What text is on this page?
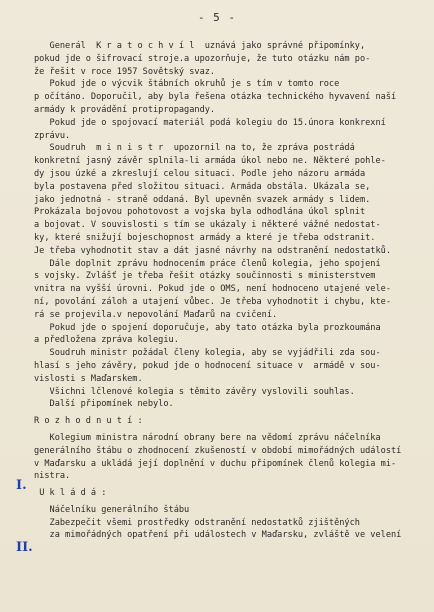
- 5 -
Generál  K r a t o c h v í l  uznává jako správné připomínky,
pokud jde o šifrovací stroje.a upozorňuje, že tuto otázku nám po-
že řešit v roce 1957 Sovětský svaz.
Pokud jde o výcvik štábních okruhů je s tím v tomto roce
p očítáno. Doporučil, aby byla řešena otázka technického hyvavení naší
armády k provádění protipropagandy.
Pokud jde o spojovací materiál podá kolegiu do 15.února konkrexní
zprávu.
Soudruh  m i n i s t r  upozornil na to, že zpráva postrádá
konkretní jasný závěr splnila-li armáda úkol nebo ne. Některé pohle-
dy jsou úzké a zkreslují celou situaci. Podle jeho názoru armáda
byla postavena před složitou situaci. Armáda obstála. Ukázala se,
jako jednotná - straně oddaná. Byl upevněn svazek armády s lidem.
Prokázala bojovou pohotovost a vojska byla odhodlána úkol splnit
a bojovat. V souvislosti s tím se ukázaly i některé vážné nedostat-
ky, které snižují bojeschopnost armády a které je třeba odstranit.
Je třeba vyhodnotit stav a dát jasné návrhy na odstranění nedostatků.
Dále doplnit zprávu hodnocením práce členů kolegia, jeho spojení
s vojsky. Zvlášť je třeba řešit otázky součinnosti s ministerstvem
vnitra na vyšší úrovni. Pokud jde o OMS, není hodnoceno utajené vele-
ní, povolání záloh a utajení vůbec. Je třeba vyhodnotit i chybu, kte-
rá se projevila.v nepovolání Maďarů na cvičení.
Pokud jde o spojení doporučuje, aby tato otázka byla prozkoumána
a předložena zpráva kolegiu.
Soudruh ministr požádal členy kolegia, aby se vyjádřili zda sou-
hlasí s jeho závěry, pokud jde o hodnocení situace v  armádě v sou-
vislosti s Maďarskem.
Všichni lčlenové kolegia s těmito závěry vyslovili souhlas.
Další připomínek nebylo.
R o z h o d n u t í :
Kolegium ministra národní obrany bere na vědomí zprávu náčelníka
generálního štábu o zhodnocení zkušeností v období mimořádných událostí
v Maďarsku a ukládá její doplnění v duchu připomínek členů kolegia mi-
nistra.
U k l á d á :
Náčelníku generálního štábu
Zabezpečit všemi prostředky odstranění nedostatků zjištěných
za mimořádných opatření při událostech v Maďarsku, zvláště ve velení
I.
II.
